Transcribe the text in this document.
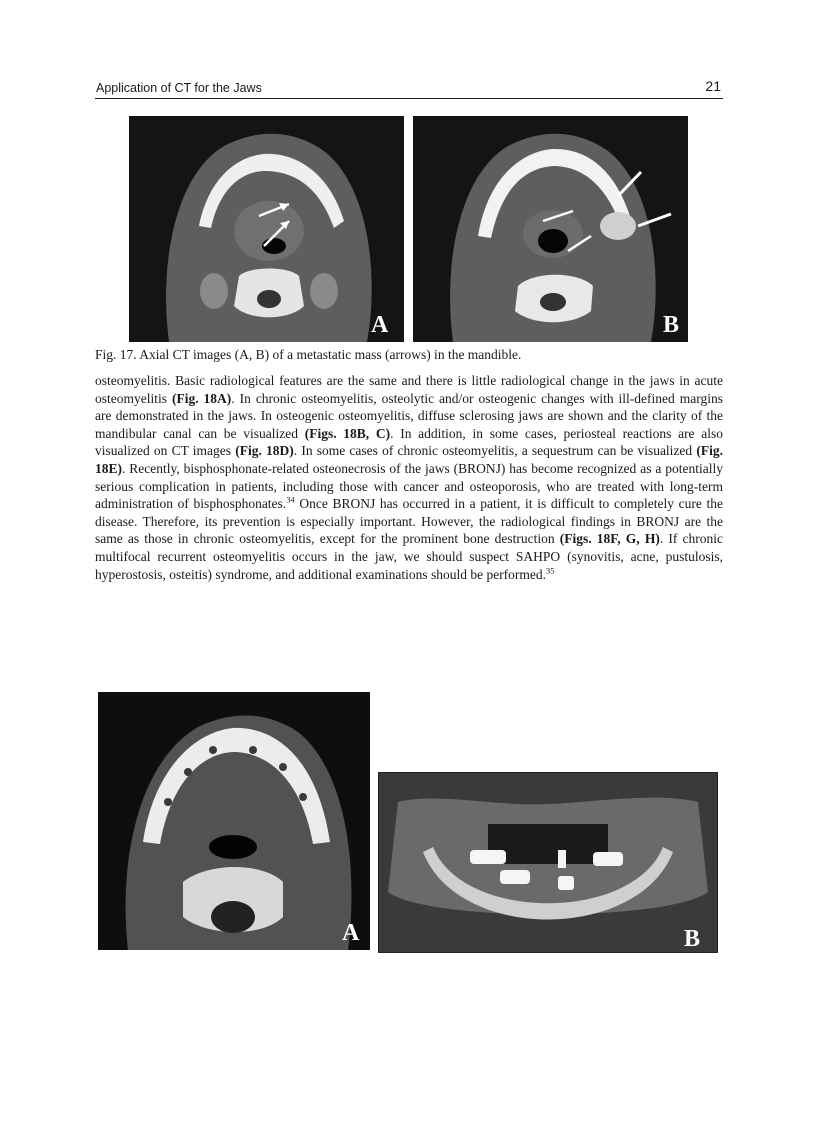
Application of CT for the Jaws	21
A	B
Fig. 17. Axial CT images (A, B) of a metastatic mass (arrows) in the mandible.

osteomyelitis. Basic radiological features are the same and there is little radiological change in the jaws in acute osteomyelitis (Fig. 18A). In chronic osteomyelitis, osteolytic and/or osteogenic changes with ill-defined margins are demonstrated in the jaws. In osteogenic osteomyelitis, diffuse sclerosing jaws are shown and the clarity of the mandibular canal can be visualized (Figs. 18B, C). In addition, in some cases, periosteal reactions are also visualized on CT images (Fig. 18D). In some cases of chronic osteomyelitis, a sequestrum can be visualized (Fig. 18E). Recently, bisphosphonate-related osteonecrosis of the jaws (BRONJ) has become recognized as a potentially serious complication in patients, including those with cancer and osteoporosis, who are treated with long-term administration of bisphosphonates.$^{34}$ Once BRONJ has occurred in a patient, it is difficult to completely cure the disease. Therefore, its prevention is especially important. However, the radiological findings in BRONJ are the same as those in chronic osteomyelitis, except for the prominent bone destruction (Figs. 18F, G, H). If chronic multifocal recurrent osteomyelitis occurs in the jaw, we should suspect SAHPO (synovitis, acne, pustulosis, hyperostosis, osteitis) syndrome, and additional examinations should be performed.$^{35}$

A	B
